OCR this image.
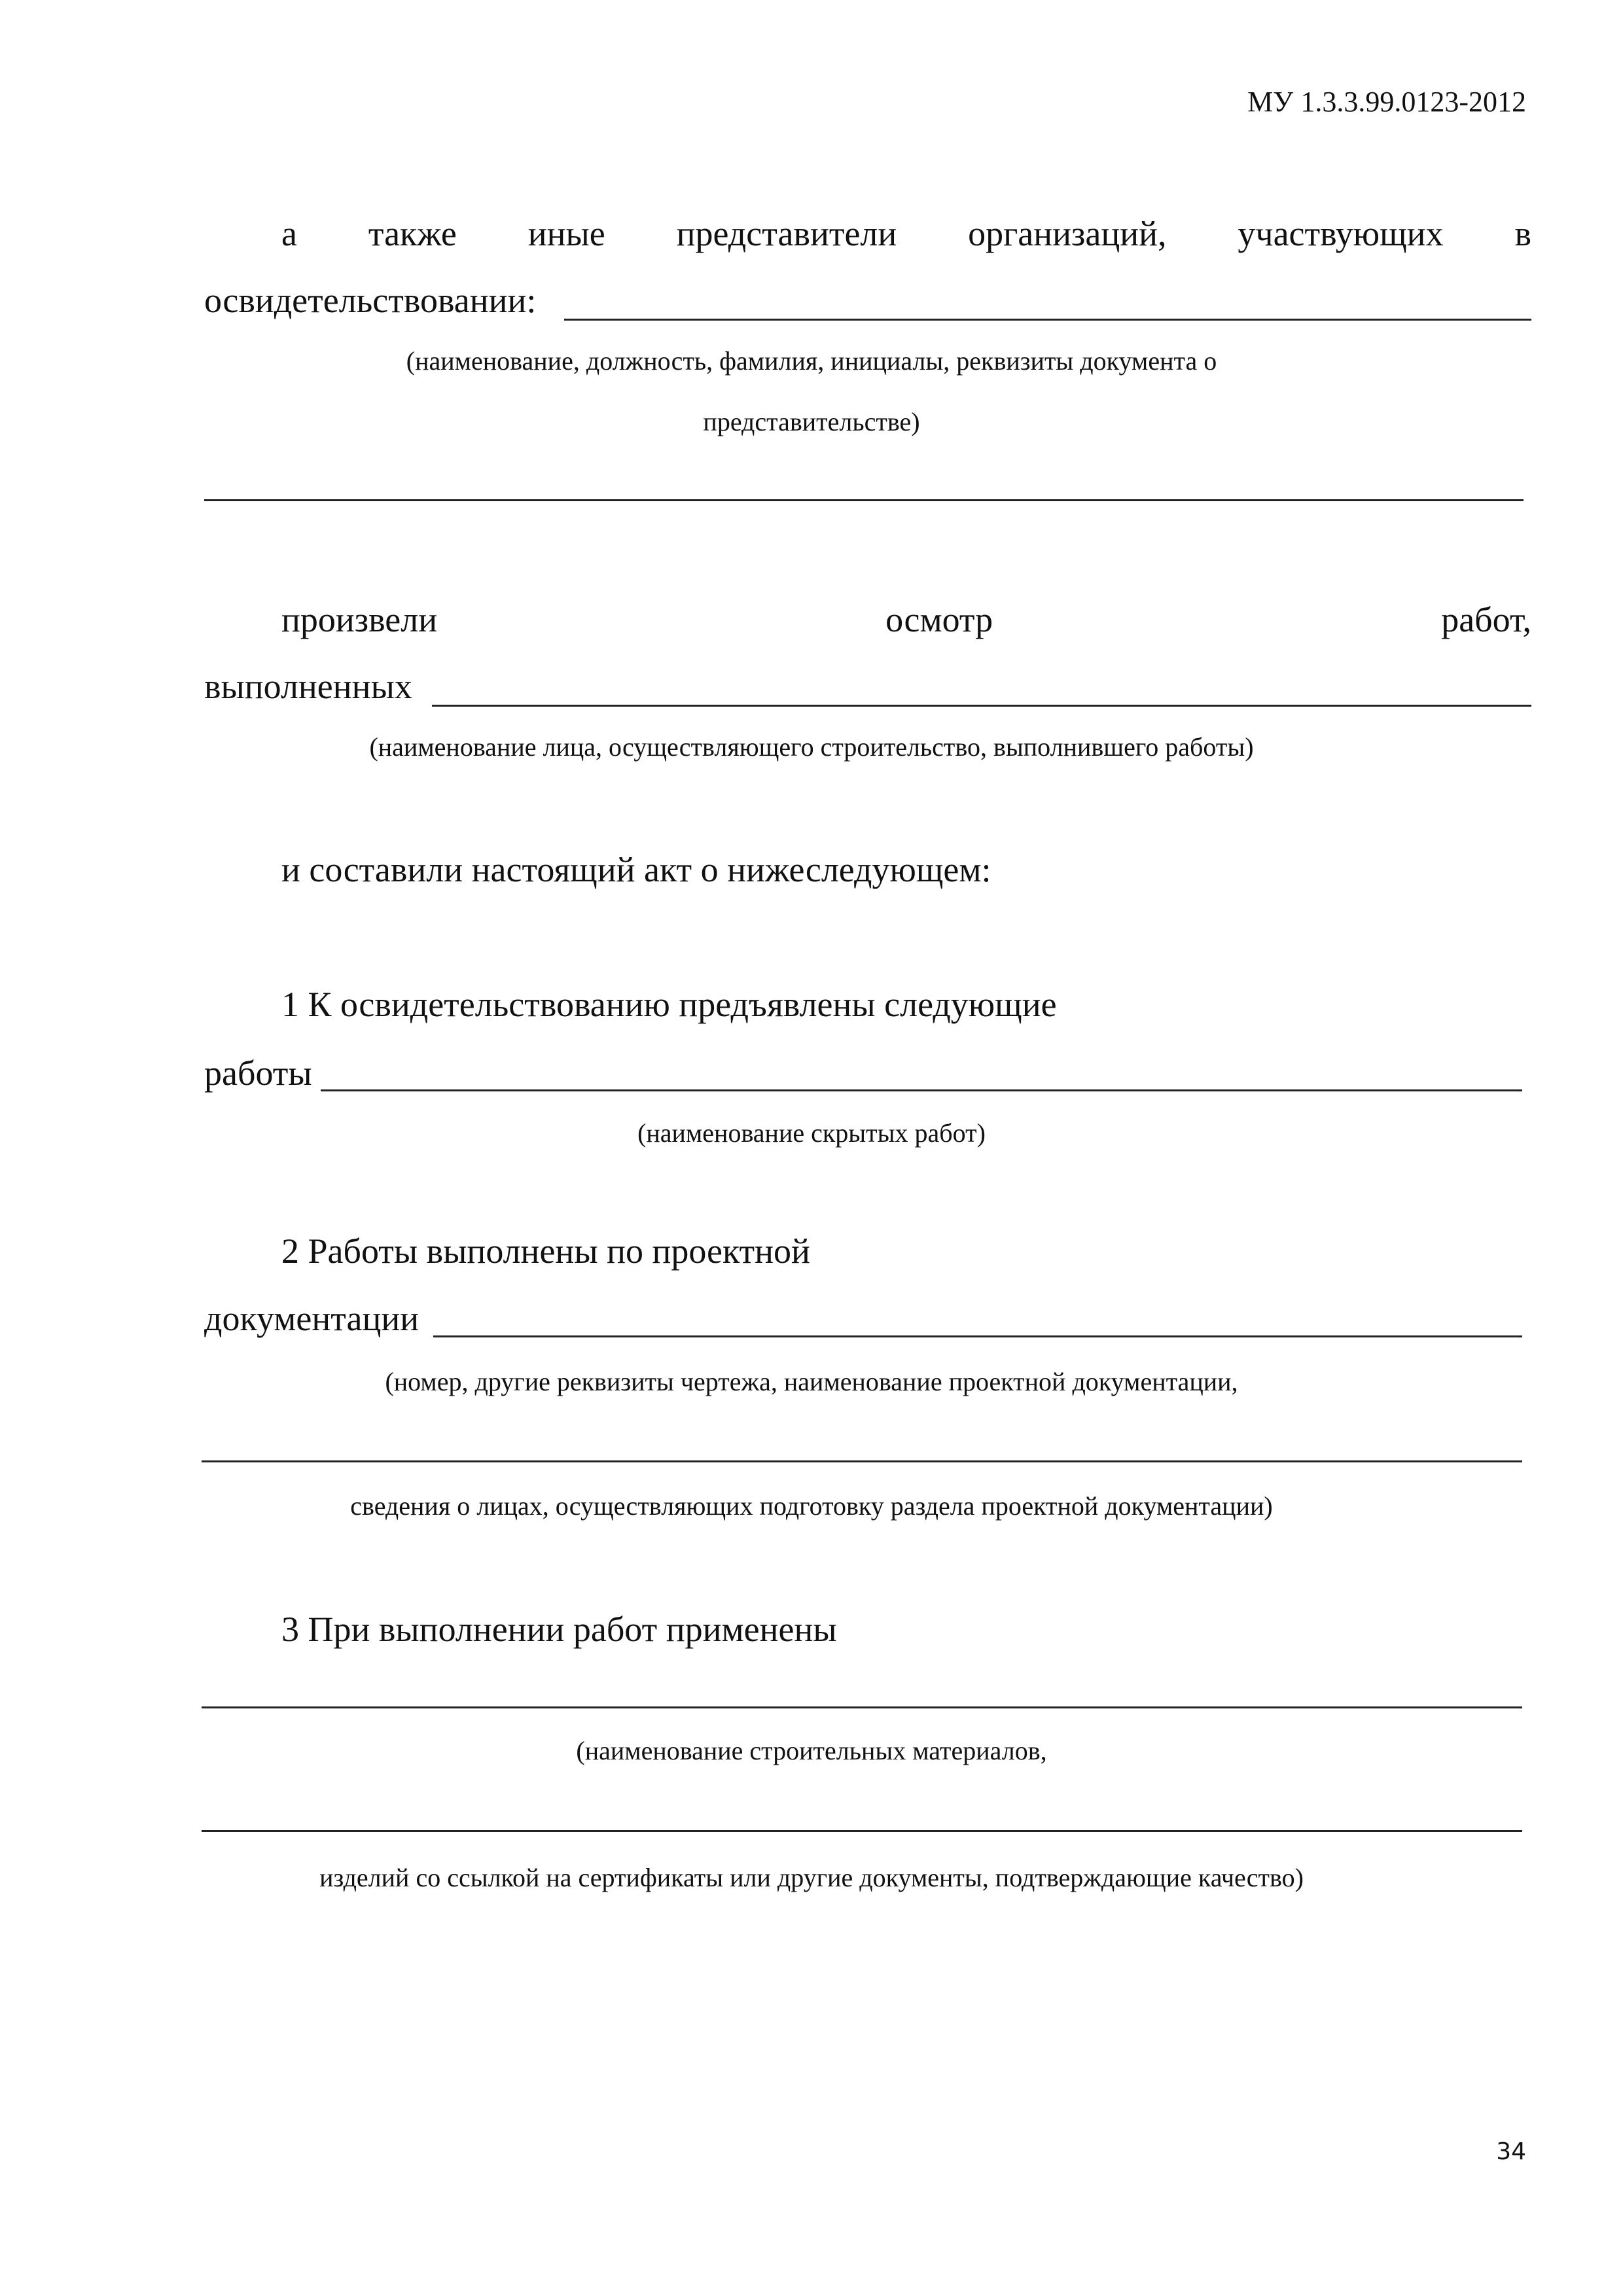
МУ 1.3.3.99.0123-2012
а также иные представители организаций, участвующих в
освидетельствовании:
(наименование, должность, фамилия, инициалы, реквизиты документа о
представительстве)
произвели	осмотр	работ,
выполненных
(наименование лица, осуществляющего строительство, выполнившего работы)
и составили настоящий акт о нижеследующем:
1 К освидетельствованию предъявлены следующие
работы
(наименование скрытых работ)
2 Работы выполнены по проектной
документации
(номер, другие реквизиты чертежа, наименование проектной документации,
сведения о лицах, осуществляющих подготовку раздела проектной документации)
3 При выполнении работ применены
(наименование строительных материалов,
изделий со ссылкой на сертификаты или другие документы, подтверждающие качество)
34
